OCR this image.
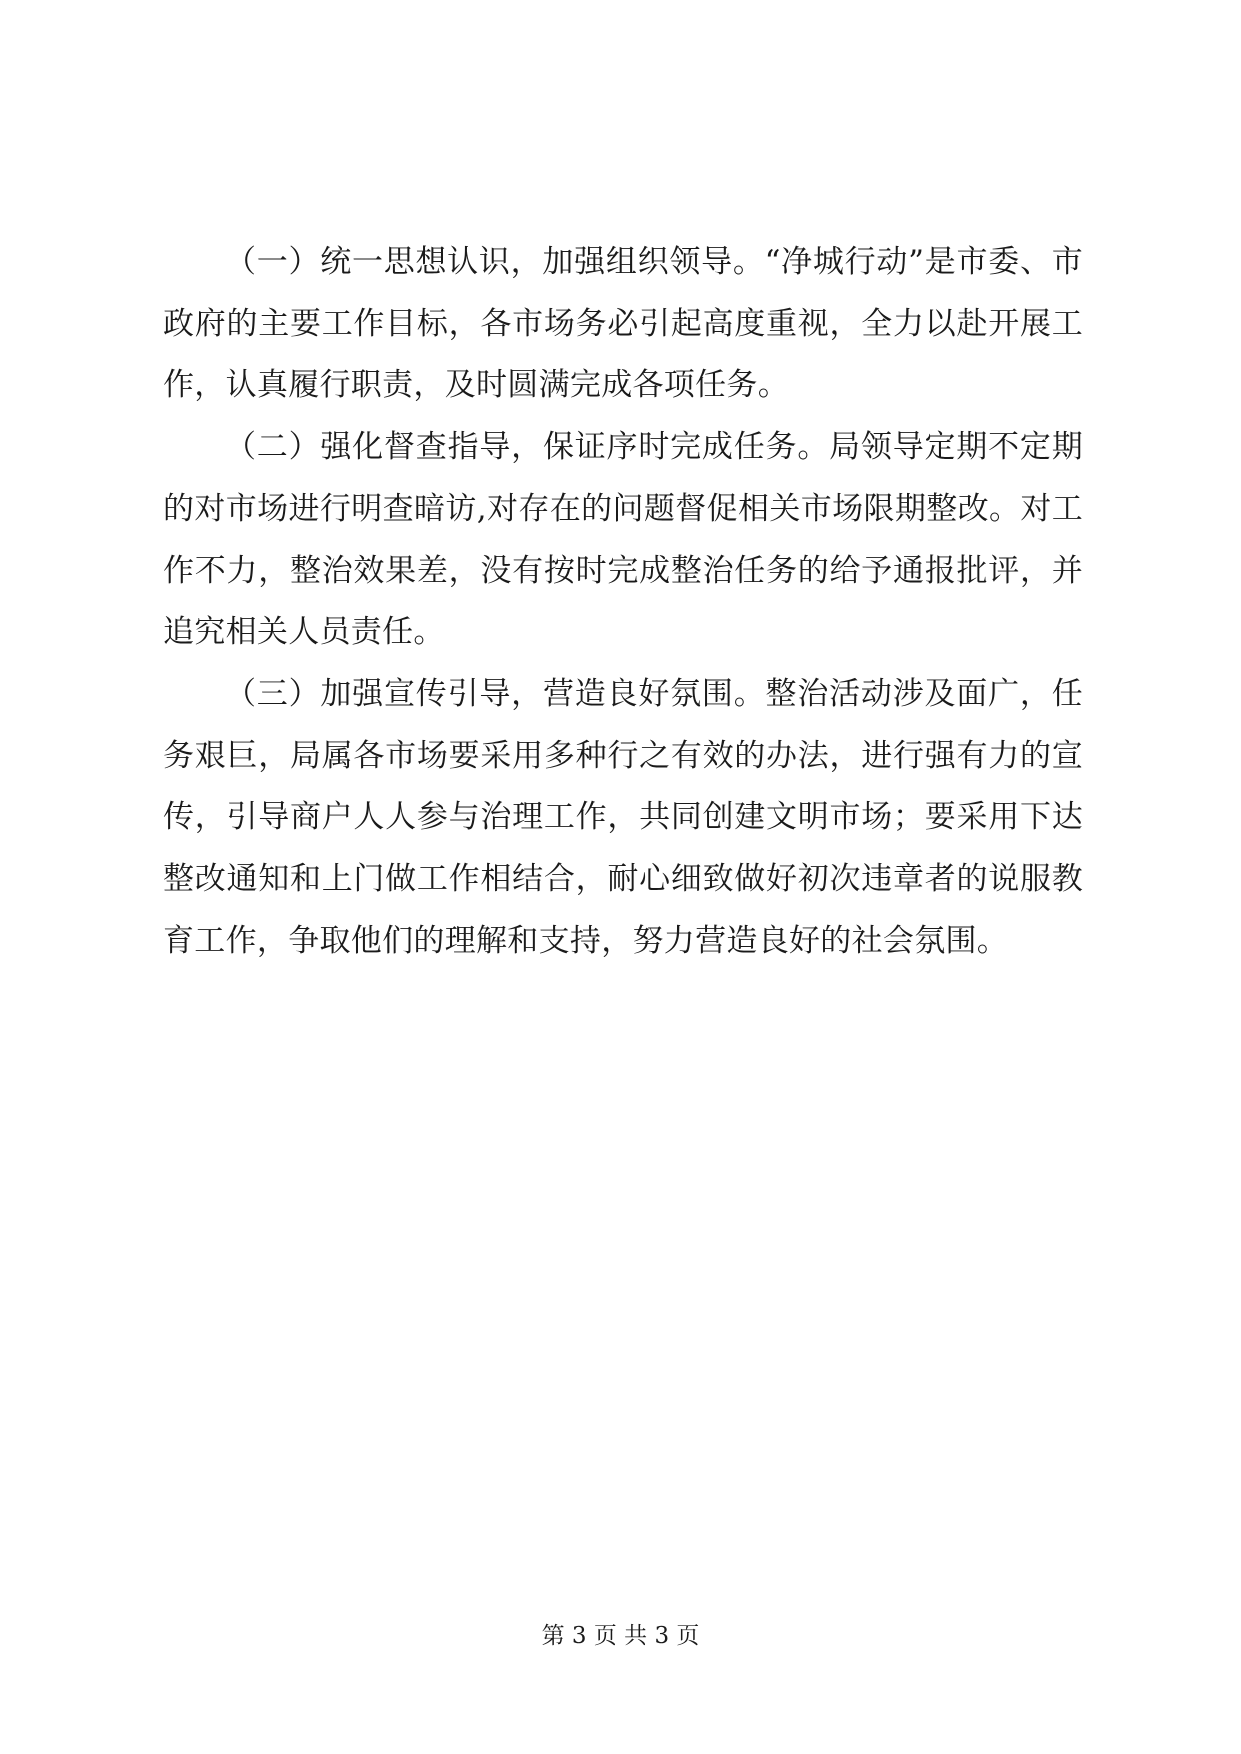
（一）统一思想认识，加强组织领导。“净城行动”是市委、市政府的主要工作目标，各市场务必引起高度重视，全力以赴开展工作，认真履行职责，及时圆满完成各项任务。

（二）强化督查指导，保证序时完成任务。局领导定期不定期的对市场进行明查暗访,对存在的问题督促相关市场限期整改。对工作不力，整治效果差，没有按时完成整治任务的给予通报批评，并追究相关人员责任。

（三）加强宣传引导，营造良好氛围。整治活动涉及面广，任务艰巨，局属各市场要采用多种行之有效的办法，进行强有力的宣传，引导商户人人参与治理工作，共同创建文明市场；要采用下达整改通知和上门做工作相结合，耐心细致做好初次违章者的说服教育工作，争取他们的理解和支持，努力营造良好的社会氛围。

第 3 页 共 3 页
